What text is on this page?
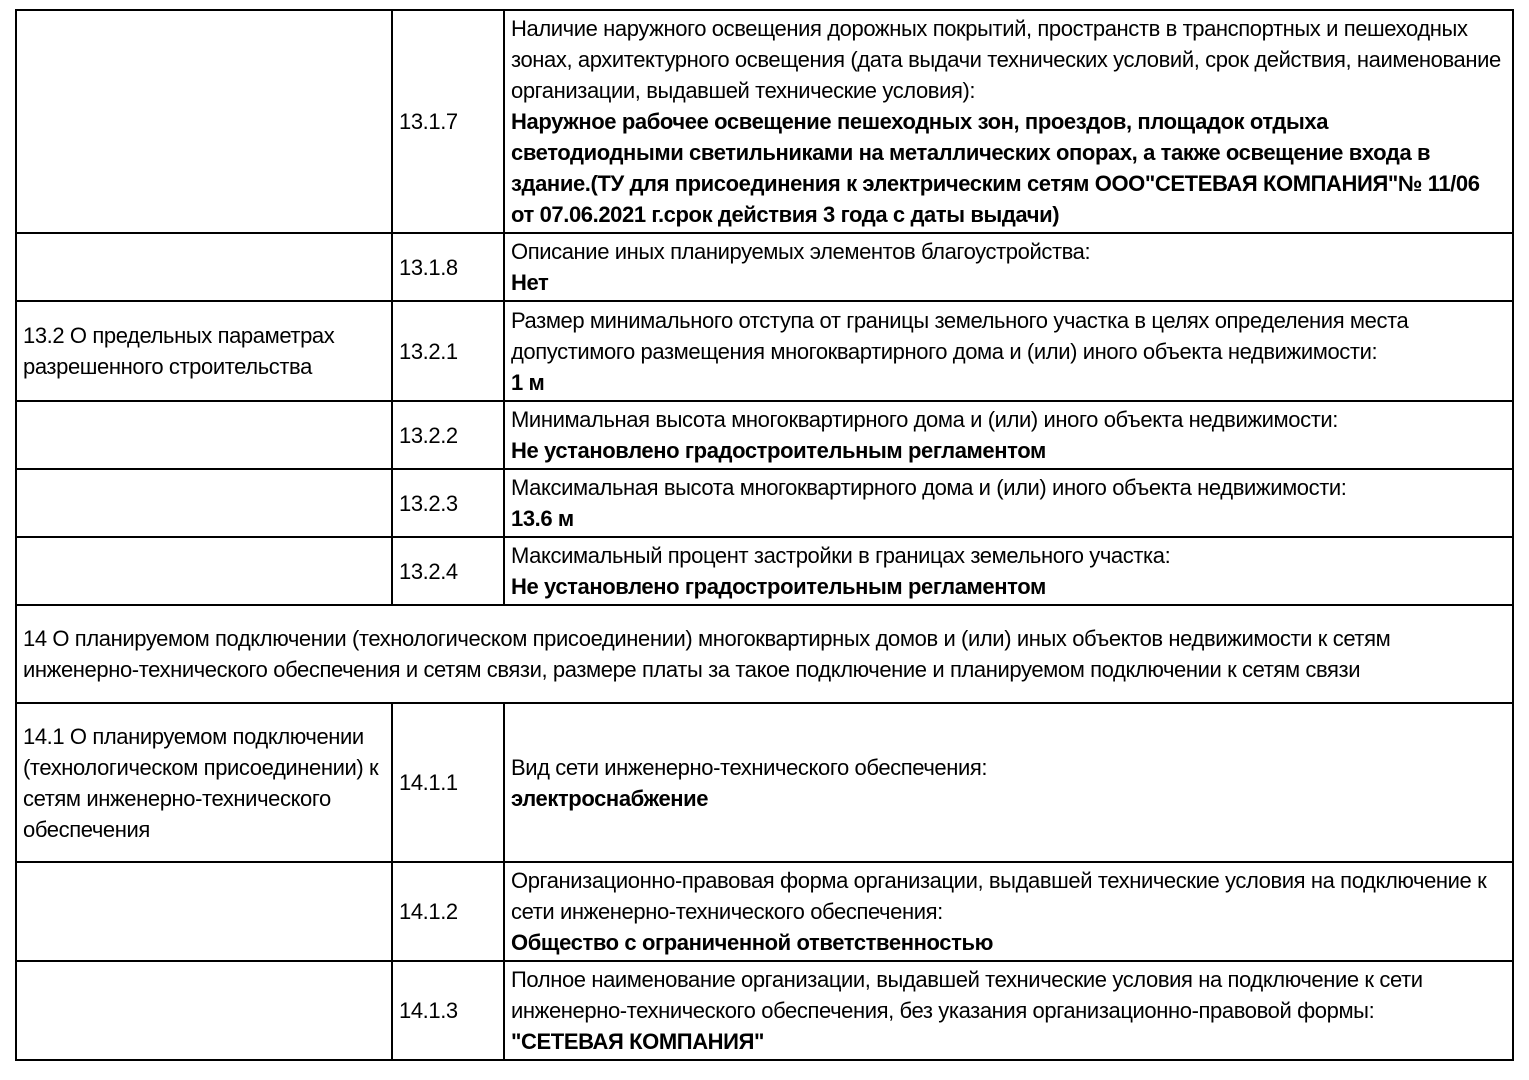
	13.1.7	Наличие наружного освещения дорожных покрытий, пространств в транспортных и пешеходных зонах, архитектурного освещения (дата выдачи технических условий, срок действия, наименование организации, выдавшей технические условия):
Наружное рабочее освещение пешеходных зон, проездов, площадок отдыха светодиодными светильниками на металлических опорах, а также освещение входа в здание.(ТУ для присоединения к электрическим сетям ООО"СЕТЕВАЯ КОМПАНИЯ"№ 11/06 от 07.06.2021 г.срок действия 3 года с даты выдачи)

	13.1.8	Описание иных планируемых элементов благоустройства:
Нет

13.2 О предельных параметрах разрешенного строительства	13.2.1	Размер минимального отступа от границы земельного участка в целях определения места допустимого размещения многоквартирного дома и (или) иного объекта недвижимости:
1 м

	13.2.2	Минимальная высота многоквартирного дома и (или) иного объекта недвижимости:
Не установлено градостроительным регламентом

	13.2.3	Максимальная высота многоквартирного дома и (или) иного объекта недвижимости:
13.6 м

	13.2.4	Максимальный процент застройки в границах земельного участка:
Не установлено градостроительным регламентом

14 О планируемом подключении (технологическом присоединении) многоквартирных домов и (или) иных объектов недвижимости к сетям инженерно-технического обеспечения и сетям связи, размере платы за такое подключение и планируемом подключении к сетям связи		

14.1 О планируемом подключении (технологическом присоединении) к сетям инженерно-технического обеспечения	14.1.1	Вид сети инженерно-технического обеспечения:
электроснабжение

	14.1.2	Организационно-правовая форма организации, выдавшей технические условия на подключение к сети инженерно-технического обеспечения:
Общество с ограниченной ответственностью

	14.1.3	Полное наименование организации, выдавшей технические условия на подключение к сети инженерно-технического обеспечения, без указания организационно-правовой формы:
"СЕТЕВАЯ КОМПАНИЯ"
